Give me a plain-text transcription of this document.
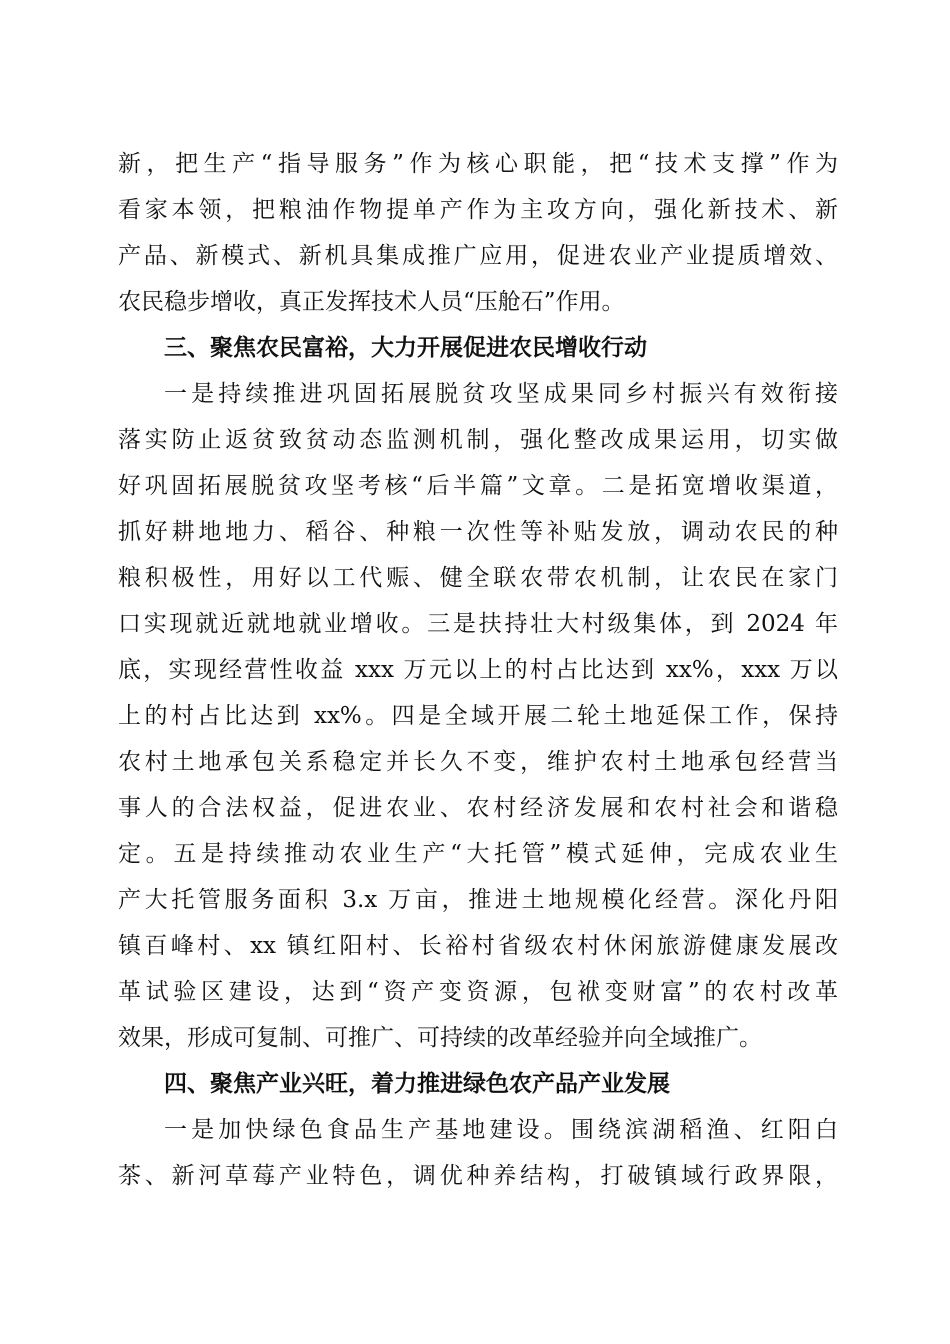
新，把生产“指导服务”作为核心职能，把“技术支撑”作为
看家本领，把粮油作物提单产作为主攻方向，强化新技术、新
产品、新模式、新机具集成推广应用，促进农业产业提质增效、
农民稳步增收，真正发挥技术人员“压舱石”作用。
三、聚焦农民富裕，大力开展促进农民增收行动
一是持续推进巩固拓展脱贫攻坚成果同乡村振兴有效衔接
落实防止返贫致贫动态监测机制，强化整改成果运用，切实做
好巩固拓展脱贫攻坚考核“后半篇”文章。二是拓宽增收渠道，
抓好耕地地力、稻谷、种粮一次性等补贴发放，调动农民的种
粮积极性，用好以工代赈、健全联农带农机制，让农民在家门
口实现就近就地就业增收。三是扶持壮大村级集体，到 2024 年
底，实现经营性收益 xxx 万元以上的村占比达到 xx%，xxx 万以
上的村占比达到 xx%。四是全域开展二轮土地延保工作，保持
农村土地承包关系稳定并长久不变，维护农村土地承包经营当
事人的合法权益，促进农业、农村经济发展和农村社会和谐稳
定。五是持续推动农业生产“大托管”模式延伸，完成农业生
产大托管服务面积 3.x 万亩，推进土地规模化经营。深化丹阳
镇百峰村、xx 镇红阳村、长裕村省级农村休闲旅游健康发展改
革试验区建设，达到“资产变资源，包袱变财富”的农村改革
效果，形成可复制、可推广、可持续的改革经验并向全域推广。
四、聚焦产业兴旺，着力推进绿色农产品产业发展
一是加快绿色食品生产基地建设。围绕滨湖稻渔、红阳白
茶、新河草莓产业特色，调优种养结构，打破镇域行政界限，
